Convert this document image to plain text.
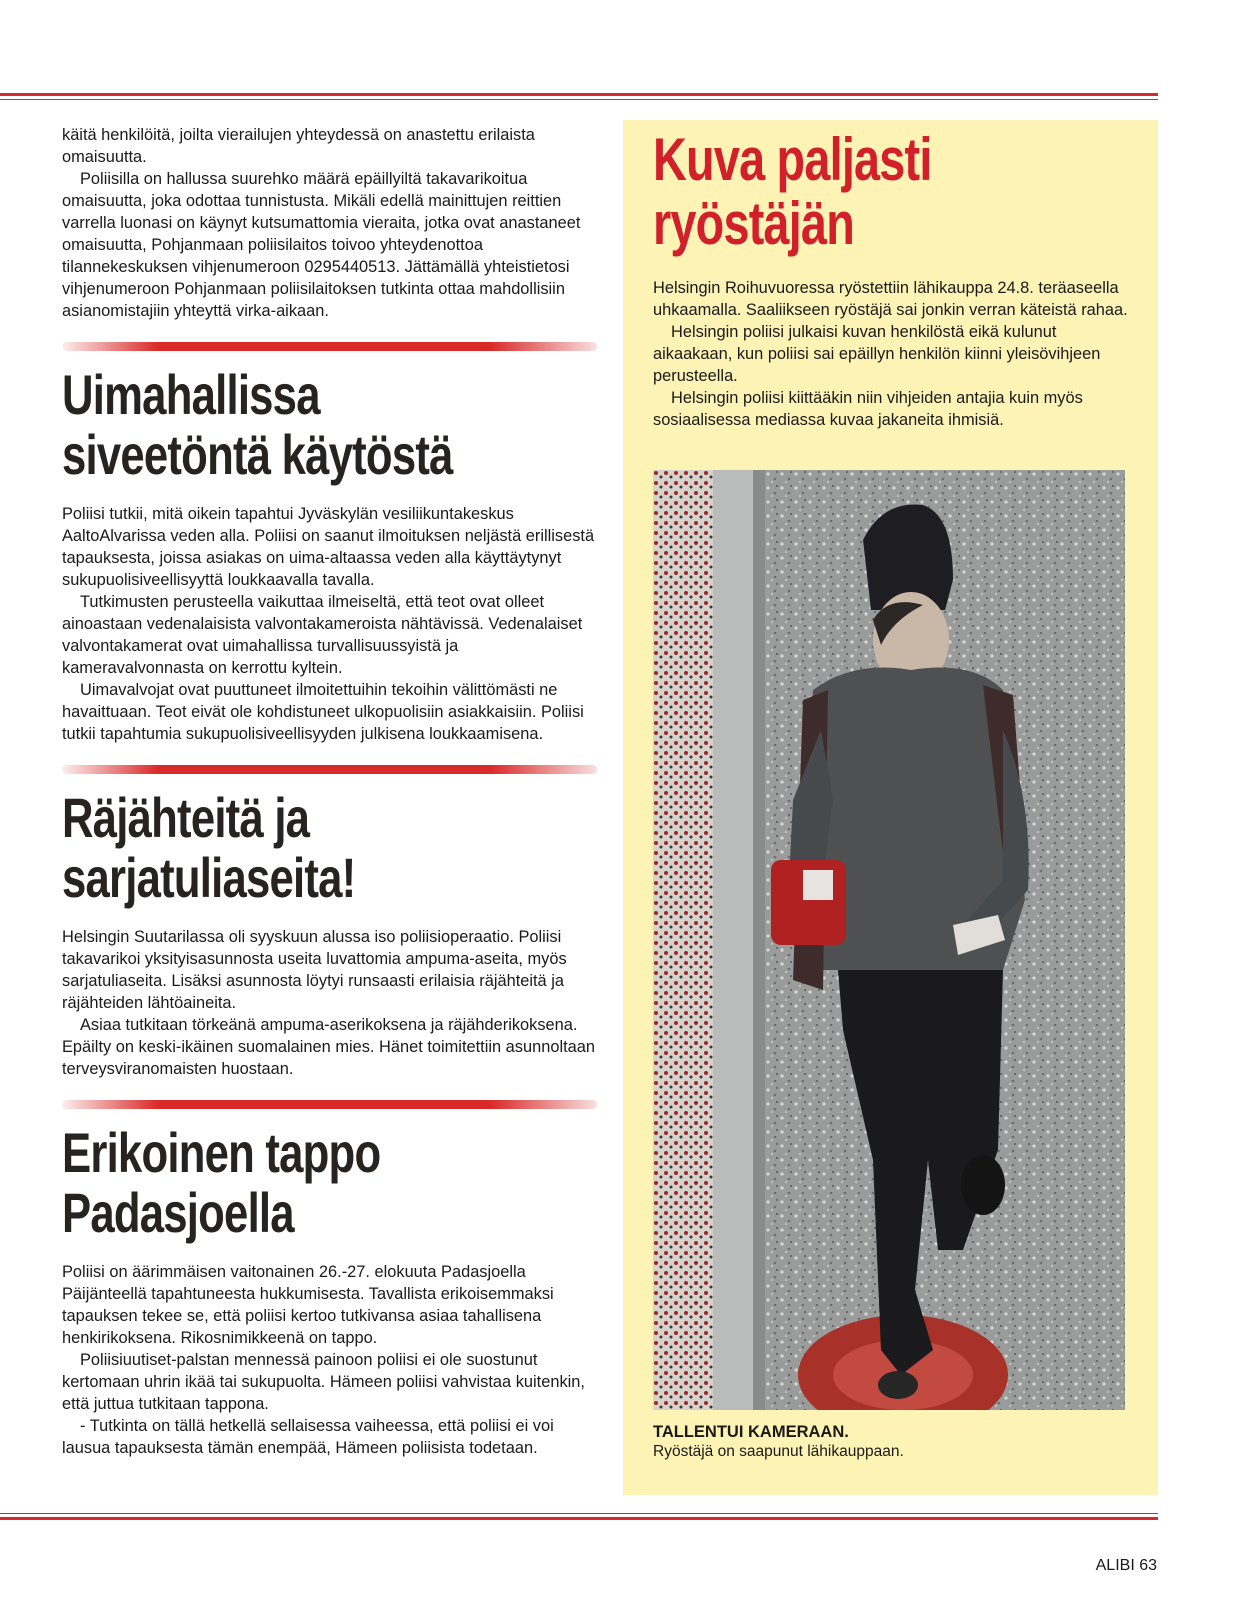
käitä henkilöitä, joilta vierailujen yhteydessä on anastettu erilaista omaisuutta.

Poliisilla on hallussa suurehko määrä epäillyiltä takavarikoitua omaisuutta, joka odottaa tunnistusta. Mikäli edellä mainittujen reittien varrella luonasi on käynyt kutsumattomia vieraita, jotka ovat anastaneet omaisuutta, Pohjanmaan poliisilaitos toivoo yhteydenottoa tilannekeskuksen vihjenumeroon 0295440513. Jättämällä yhteistietosi vihjenumeroon Pohjanmaan poliisilaitoksen tutkinta ottaa mahdollisiin asianomistajiin yhteyttä virka-aikaan.

Uimahallissa
siveetöntä käytöstä

Poliisi tutkii, mitä oikein tapahtui Jyväskylän vesiliikuntakeskus AaltoAlvarissa veden alla. Poliisi on saanut ilmoituksen neljästä erillisestä tapauksesta, joissa asiakas on uima-altaassa veden alla käyttäytynyt sukupuolisiveellisyyttä loukkaavalla tavalla.

Tutkimusten perusteella vaikuttaa ilmeiseltä, että teot ovat olleet ainoastaan vedenalaisista valvontakameroista nähtävissä. Vedenalaiset valvontakamerat ovat uimahallissa turvallisuussyistä ja kameravalvonnasta on kerrottu kyltein.

Uimavalvojat ovat puuttuneet ilmoitettuihin tekoihin välittömästi ne havaittuaan. Teot eivät ole kohdistuneet ulkopuolisiin asiakkaisiin. Poliisi tutkii tapahtumia sukupuolisiveellisyyden julkisena loukkaamisena.

Räjähteitä ja
sarjatuliaseita!

Helsingin Suutarilassa oli syyskuun alussa iso poliisioperaatio. Poliisi takavarikoi yksityisasunnosta useita luvattomia ampuma-aseita, myös sarjatuliaseita. Lisäksi asunnosta löytyi runsaasti erilaisia räjähteitä ja räjähteiden lähtöaineita.

Asiaa tutkitaan törkeänä ampuma-aserikoksena ja räjähderikoksena. Epäilty on keski-ikäinen suomalainen mies. Hänet toimitettiin asunnoltaan terveysviranomaisten huostaan.

Erikoinen tappo
Padasjoella

Poliisi on äärimmäisen vaitonainen 26.-27. elokuuta Padasjoella Päijänteellä tapahtuneesta hukkumisesta. Tavallista erikoisemmaksi tapauksen tekee se, että poliisi kertoo tutkivansa asiaa tahallisena henkirikoksena. Rikosnimikkeenä on tappo.

Poliisiuutiset-palstan mennessä painoon poliisi ei ole suostunut kertomaan uhrin ikää tai sukupuolta. Hämeen poliisi vahvistaa kuitenkin, että juttua tutkitaan tappona.

- Tutkinta on tällä hetkellä sellaisessa vaiheessa, että poliisi ei voi lausua tapauksesta tämän enempää, Hämeen poliisista todetaan.

Kuva paljasti
ryöstäjän

Helsingin Roihuvuoressa ryöstettiin lähikauppa 24.8. teräaseella uhkaamalla. Saaliikseen ryöstäjä sai jonkin verran käteistä rahaa.

Helsingin poliisi julkaisi kuvan henkilöstä eikä kulunut aikaakaan, kun poliisi sai epäillyn henkilön kiinni yleisövihjeen perusteella.

Helsingin poliisi kiittääkin niin vihjeiden antajia kuin myös sosiaalisessa mediassa kuvaa jakaneita ihmisiä.

TALLENTUI KAMERAAN.

Ryöstäjä on saapunut lähikauppaan.

ALIBI 63
